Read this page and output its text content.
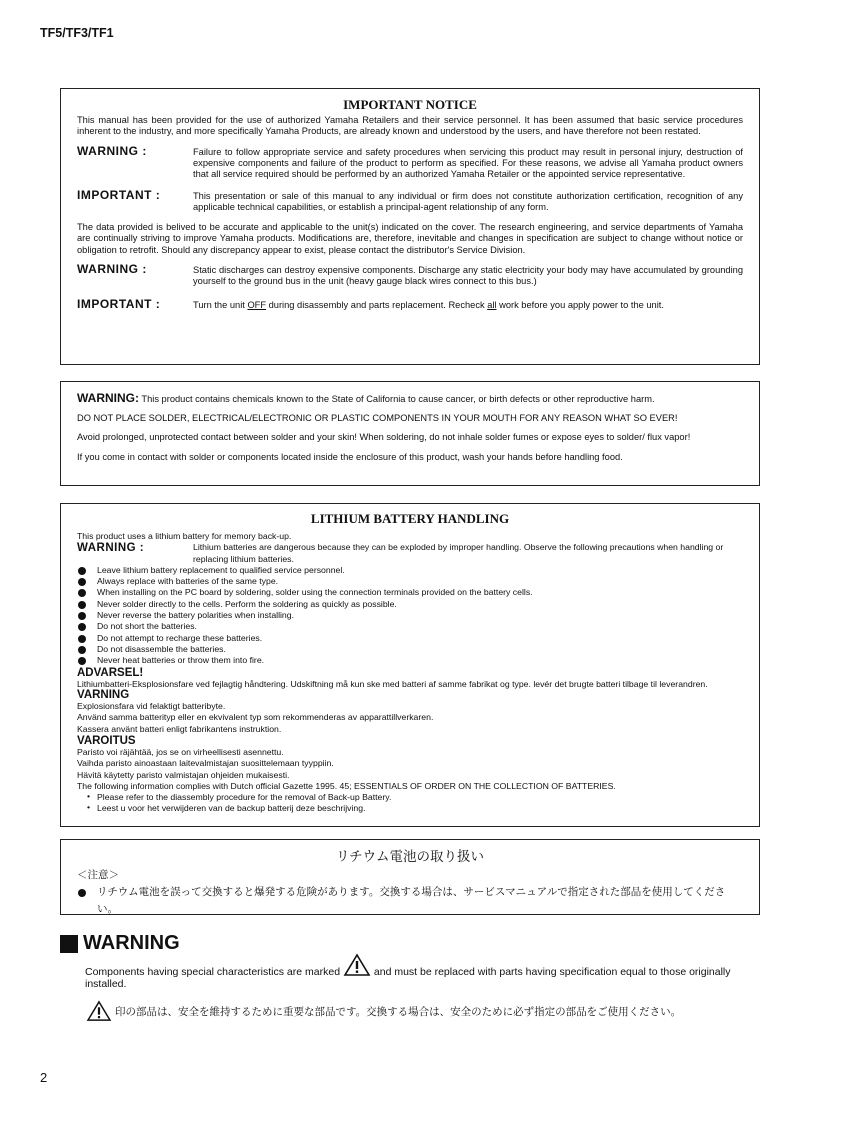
TF5/TF3/TF1
IMPORTANT NOTICE

This manual has been provided for the use of authorized Yamaha Retailers and their service personnel. It has been assumed that basic service procedures inherent to the industry, and more specifically Yamaha Products, are already known and understood by the users, and have therefore not been restated.

WARNING :	Failure to follow appropriate service and safety procedures when servicing this product may result in personal injury, destruction of expensive components and failure of the product to perform as specified. For these reasons, we advise all Yamaha product owners that all service required should be performed by an authorized Yamaha Retailer or the appointed service representative.
IMPORTANT :	This presentation or sale of this manual to any individual or firm does not constitute authorization certification, recognition of any applicable technical capabilities, or establish a principal-agent relationship of any form.

The data provided is belived to be accurate and applicable to the unit(s) indicated on the cover. The research engineering, and service departments of Yamaha are continually striving to improve Yamaha products. Modifications are, therefore, inevitable and changes in specification are subject to change without notice or obligation to retrofit. Should any discrepancy appear to exist, please contact the distributor's Service Division.

WARNING :	Static discharges can destroy expensive components. Discharge any static electricity your body may have accumulated by grounding yourself to the ground bus in the unit (heavy gauge black wires connect to this bus.)
IMPORTANT :	Turn the unit OFF during disassembly and parts replacement. Recheck all work before you apply power to the unit.
WARNING: This product contains chemicals known to the State of California to cause cancer, or birth defects or other reproductive harm.
DO NOT PLACE SOLDER, ELECTRICAL/ELECTRONIC OR PLASTIC COMPONENTS IN YOUR MOUTH FOR ANY REASON WHAT SO EVER!
Avoid prolonged, unprotected contact between solder and your skin! When soldering, do not inhale solder fumes or expose eyes to solder/ flux vapor!
If you come in contact with solder or components located inside the enclosure of this product, wash your hands before handling food.
LITHIUM BATTERY HANDLING
This product uses a lithium battery for memory back-up.
WARNING :	Lithium batteries are dangerous because they can be exploded by improper handling. Observe the following precautions when handling or replacing lithium batteries.
Leave lithium battery replacement to qualified service personnel.
Always replace with batteries of the same type.
When installing on the PC board by soldering, solder using the connection terminals provided on the battery cells.
Never solder directly to the cells. Perform the soldering as quickly as possible.
Never reverse the battery polarities when installing.
Do not short the batteries.
Do not attempt to recharge these batteries.
Do not disassemble the batteries.
Never heat batteries or throw them into fire.
ADVARSEL!
Lithiumbatteri-Eksplosionsfare ved fejlagtig håndtering. Udskiftning må kun ske med batteri af samme fabrikat og type. levér det brugte batteri tilbage til leverandren.
VARNING
Explosionsfara vid felaktigt batteribyte.
Använd samma batterityp eller en ekvivalent typ som rekommenderas av apparattillverkaren.
Kassera använt batteri enligt fabrikantens instruktion.
VAROITUS
Paristo voi räjähtää, jos se on virheellisesti asennettu.
Vaihda paristo ainoastaan laitevalmistajan suosittelemaan tyyppiin.
Hävitä käytetty paristo valmistajan ohjeiden mukaisesti.
The following information complies with Dutch official Gazette 1995. 45; ESSENTIALS OF ORDER ON THE COLLECTION OF BATTERIES.
• Please refer to the diassembly procedure for the removal of Back-up Battery.
• Leest u voor het verwijderen van de backup batterij deze beschrijving.
リチウム電池の取り扱い
＜注意＞
リチウム電池を誤って交換すると爆発する危険があります。交換する場合は、サービスマニュアルで指定された部品を使用してください。
WARNING
Components having special characteristics are marked	and must be replaced with parts having specification equal to those originally installed.
印の部品は、安全を維持するために重要な部品です。交換する場合は、安全のために必ず指定の部品をご使用ください。
2
